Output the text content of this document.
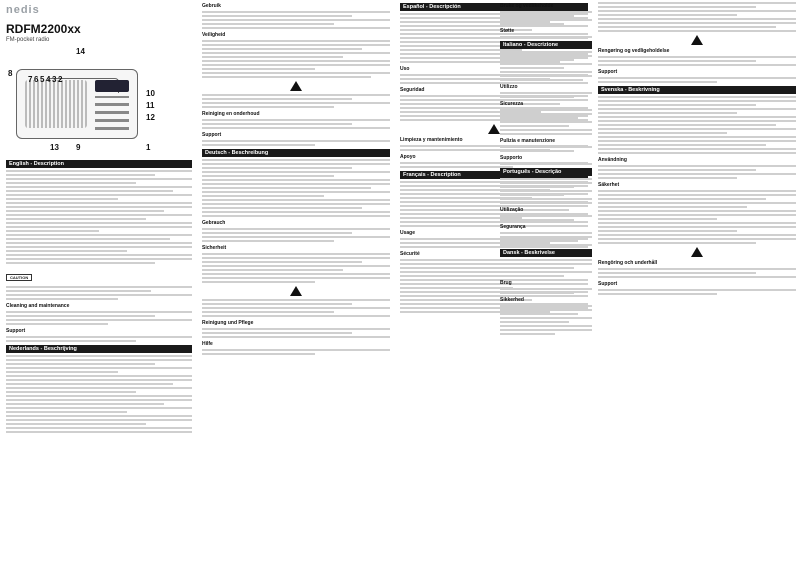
nedis
RDFM2200xx
FM-pocket radio
14
8
7 6 5 4 3 2
10
11
12
13 9	1
English - Description
CAUTION
Cleaning and maintenance
Support
Nederlands - Beschrijving
Gebruik
Veiligheid
Reiniging en onderhoud
Support
Deutsch - Beschreibung
Gebrauch
Sicherheit
Reinigung und Pflege
Hilfe
Español - Descripción
Uso
Seguridad
Limpieza y mantenimiento
Apoyo
Français - Description
Usage
Sécurité
Bruke og vedlikeholde
Støtte
Italiano - Descrizione
Utilizzo
Sicurezza
Pulizia e manutenzione
Supporto
Português - Descrição
Utilização
Segurança
Dansk - Beskrivelse
Brug
Sikkerhed
Rengøring og vedligeholdelse
Support
Svenska - Beskrivning
Användning
Säkerhet
Rengöring och underhåll
Support
